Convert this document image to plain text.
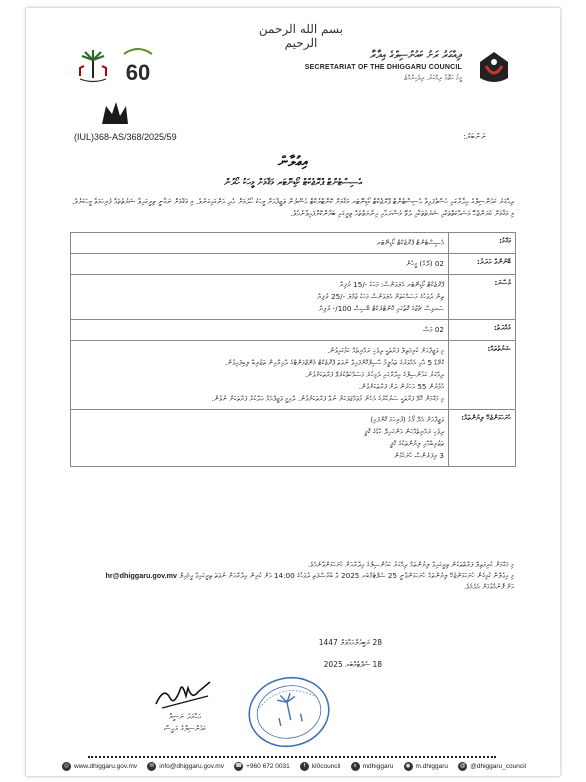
بسم الله الرحمن الرحيم
60
ދިއްގަރު ރަށު ކައުންސިލްގެ އިދާރާ
SECRETARIAT OF THE DHIGGARU COUNCIL
މީމު އަތޮޅު ދިއްގަރު، ދިވެހިރާއްޖެ
(IUL)368-AS/368/2025/59	ނަންބަރު:
އިޢުލާން
އެސިސްޓެންޓް ޕްރޮޖެކްޓް ކޯޑިނޭޓަރ މަޤާމަށް މީހަކު ހޯދުން
ދިއްގަރު ކައުންސިލްގެ އިދާރާގައި ހުސްވެފައިވާ އެސިސްޓެންޓް ޕްރޮޖެކްޓް ކޯޑިނޭޓަރ މަޤާމަށް ކޮންޓްރެކްޓް އުސޫލުން ވަޒީފާއަށް މީހަކު ހޯދުމަށް އެދި އަންގައިގަނެވެ. މި މަޤާމަށް ނަގާނީ ތިރީގައިވާ ޝަރުތުތައް ފުރިހަމަވާ މީހަކަށެވެ. މި މަޤާމަށް ކުރަންޖެހޭ މަސައްކަތްތަކާއި ޝަރުތުތަކާއި ދެވޭ މުސާރައާއި އިނާޔަތްތައް ތިރީގައި ބަޔާންކޮށްފައިވާނެއެވެ.
މަޤާމު:	އެސިސްޓެންޓް ޕްރޮޖެކްޓް ކޯޑިނޭޓަރ

ބޭނުންވާ އަދަދު:	02 (ދޭއް) މީހުން

މުސާރަ:	ޕްރޮޖެކްޓް ކޯޑިނޭޓަރ އެލަވަންސް: މަހަކު -/15 ރުފިޔާ
ތިން ދުވަހުގެ މަސައްކަތަށް އެލަވަންސް މަހަކު ޖުމްލަ -/25 ރުފިޔާ
ސަރވިސް ޗާޖުގެ ގޮތުގައި ކޮންޓްރެކްޓް ބޭސިސް 100/- ރުފިޔާ

މުއްދަތު:	02 މަސް

ޝަރުތުތައް:	މި ވަޒީފާއަށް ކުރިމަތިލާ ފަރާތަކީ ދިވެހި ރައްޔިތެއް ކަމުގައިވުން.
ގްރޭޑް 5 އާއި އެއްވަރުގެ ތައުލީމު ހާސިލްކޮށްފައިވާ ނުވަތަ ޕްރޮޖެކްޓް މެނޭޖްމަންޓްގެ ދާއިރާއިން ތަޖުރިބާ ލިބިފައިވުން.
ދިއްގަރު ކައުންސިލްގެ އިދާރާގައި ދެމިހުރެ މަސައްކަތްކުރެވޭ ފަރާތަކަށްވުން.
އުމުރުން 55 އަހަރުން ދަށް ފަރާތަކަށްވުން.
މި މަޤާމަށް ހޮވޭ ފަރާތަކީ ސަރުކާރުގެ އެހެން މުވައްޒަފަކަށް ނުވާ ފަރާތަކަށްވުން. ދާއިމީ ވަޒީފާއެއް އަދާކުރާ ފަރާތަކަށް ނުވުން.

ހުށަހަޅަންޖެހޭ ލިޔުންތައް:	ވަޒީފާއަށް އެދޭ ފޯމު (ފުރިހަމަ ކޮށްފައި)
ދިވެހި ރައްޔިތެއްކަން އަންގައިދޭ ކާޑުގެ ކޮޕީ
ތަޖުރިބާއާއި ލިޔުންތަކުގެ ކޮޕީ
3 ރިފަރެންސް ހުށަހެޅުން
މި މަޤާމަށް ކުރިމަތިލާ ފަރާތްތަކުން ތިރީގައިވާ ލިޔުންތައް ދިއްގަރު ކައުންސިލްގެ އިދާރާއަށް ހުށަހަޅަންވާނެއެވެ.
މި އިޢުލާނާ ގުޅިގެން ހުށަހަޅަންޖެހޭ ލިޔުންތައް ހުށަހަޅަންވާނީ 25 ސެޕްޓެމްބަރ 2025 ވާ ބުރާސްފަތި ދުވަހުގެ 14:00 އަށް ކުރިން އިދާރާއަށް ނުވަތަ ތިރީގައިވާ އީމެއިލް hr@dhiggaru.gov.mv
އަށް ފޮނުއްވުމަށް އެދެމެވެ.
28 ރަބީޢުލްއައްވަލް 1447
18 ސެޕްޓެމްބަރ 2025
އަޙްމަދު ނަސީމް
ކައުންސިލްގެ ރައީސް
◎ www.dhiggaru.gov.mv	✉ info@dhiggaru.gov.mv ☎ +960 672 0031	f	kl0council	x mdhiggaru	◉ m.dhiggaru	@ @dhiggaru_council
